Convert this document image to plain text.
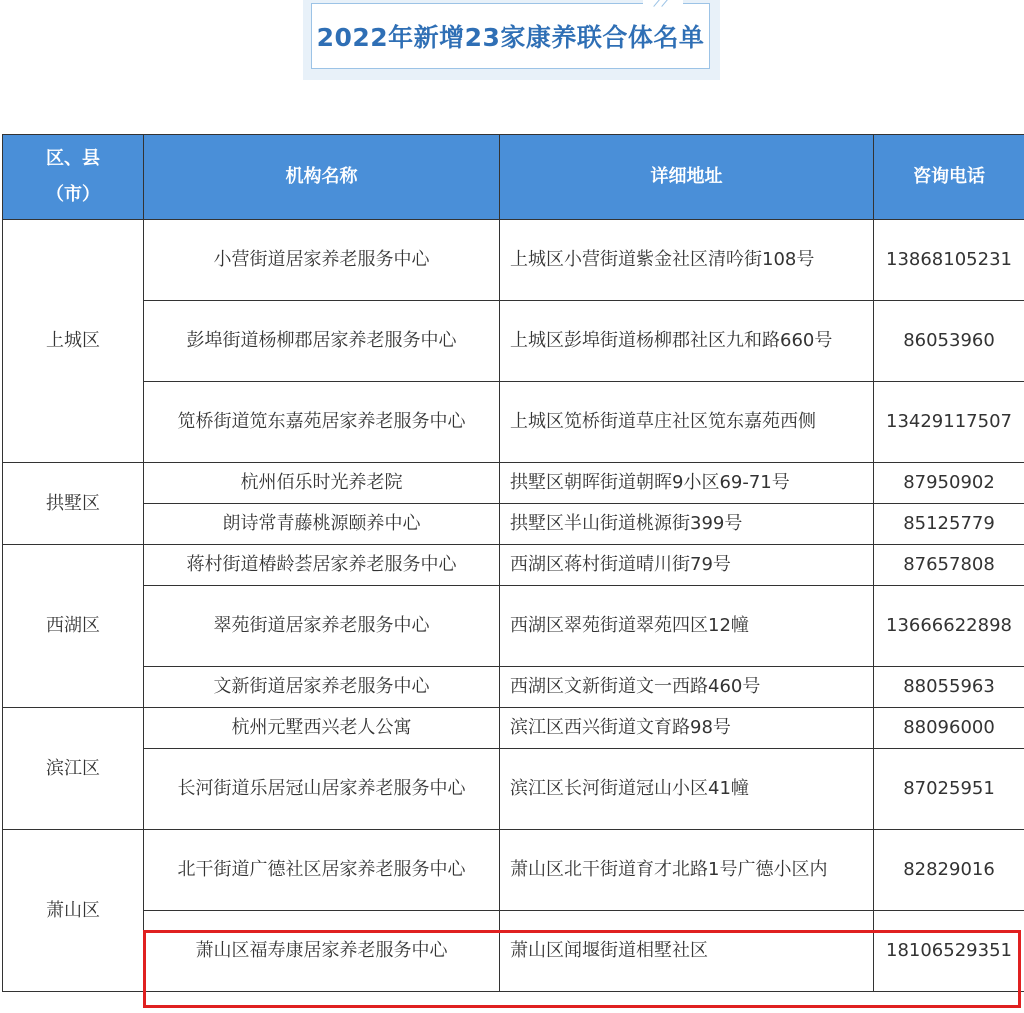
2022年新增23家康养联合体名单
区、县（市）	机构名称	详细地址	咨询电话
上城区	小营街道居家养老服务中心	上城区小营街道紫金社区清吟街108号	13868105231
	彭埠街道杨柳郡居家养老服务中心	上城区彭埠街道杨柳郡社区九和路660号	86053960
	笕桥街道笕东嘉苑居家养老服务中心	上城区笕桥街道草庄社区笕东嘉苑西侧	13429117507
拱墅区	杭州佰乐时光养老院	拱墅区朝晖街道朝晖9小区69-71号	87950902
	朗诗常青藤桃源颐养中心	拱墅区半山街道桃源街399号	85125779
西湖区	蒋村街道椿龄荟居家养老服务中心	西湖区蒋村街道晴川街79号	87657808
	翠苑街道居家养老服务中心	西湖区翠苑街道翠苑四区12幢	13666622898
	文新街道居家养老服务中心	西湖区文新街道文一西路460号	88055963
滨江区	杭州元墅西兴老人公寓	滨江区西兴街道文育路98号	88096000
	长河街道乐居冠山居家养老服务中心	滨江区长河街道冠山小区41幢	87025951
萧山区	北干街道广德社区居家养老服务中心	萧山区北干街道育才北路1号广德小区内	82829016
	萧山区福寿康居家养老服务中心	萧山区闻堰街道相墅社区	18106529351
